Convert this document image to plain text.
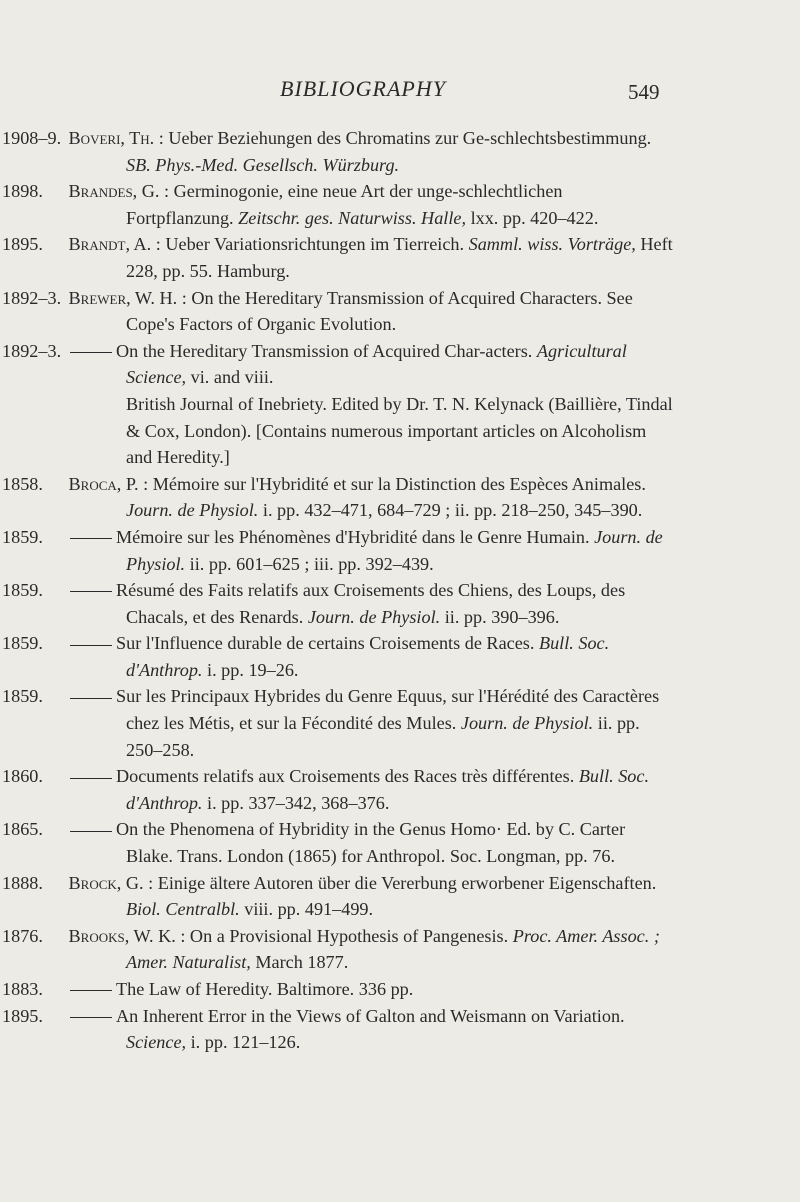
BIBLIOGRAPHY	549
1908–9. Boveri, Th. : Ueber Beziehungen des Chromatins zur Ge-schlechtsbestimmung. SB. Phys.-Med. Gesellsch. Würzburg.
1898. Brandes, G. : Germinogonie, eine neue Art der unge-schlechtlichen Fortpflanzung. Zeitschr. ges. Naturwiss. Halle, lxx. pp. 420–422.
1895. Brandt, A. : Ueber Variationsrichtungen im Tierreich. Samml. wiss. Vorträge, Heft 228, pp. 55. Hamburg.
1892–3. Brewer, W. H. : On the Hereditary Transmission of Acquired Characters. See Cope's Factors of Organic Evolution.
1892–3.	On the Hereditary Transmission of Acquired Char-acters. Agricultural Science, vi. and viii.
British Journal of Inebriety. Edited by Dr. T. N. Kelynack (Baillière, Tindal & Cox, London). [Contains numerous important articles on Alcoholism and Heredity.]
1858. Broca, P. : Mémoire sur l'Hybridité et sur la Distinction des Espèces Animales. Journ. de Physiol. i. pp. 432–471, 684–729 ; ii. pp. 218–250, 345–390.
1859.	Mémoire sur les Phénomènes d'Hybridité dans le Genre Humain. Journ. de Physiol. ii. pp. 601–625 ; iii. pp. 392–439.
1859.	Résumé des Faits relatifs aux Croisements des Chiens, des Loups, des Chacals, et des Renards. Journ. de Physiol. ii. pp. 390–396.
1859.	Sur l'Influence durable de certains Croisements de Races. Bull. Soc. d'Anthrop. i. pp. 19–26.
1859.	Sur les Principaux Hybrides du Genre Equus, sur l'Hérédité des Caractères chez les Métis, et sur la Fécondité des Mules. Journ. de Physiol. ii. pp. 250–258.
1860.	Documents relatifs aux Croisements des Races très différentes. Bull. Soc. d'Anthrop. i. pp. 337–342, 368–376.
1865.	On the Phenomena of Hybridity in the Genus Homo· Ed. by C. Carter Blake. Trans. London (1865) for Anthropol. Soc. Longman, pp. 76.
1888. Brock, G. : Einige ältere Autoren über die Vererbung erworbener Eigenschaften. Biol. Centralbl. viii. pp. 491–499.
1876. Brooks, W. K. : On a Provisional Hypothesis of Pangenesis. Proc. Amer. Assoc. ; Amer. Naturalist, March 1877.
1883.	The Law of Heredity. Baltimore. 336 pp.
1895.	An Inherent Error in the Views of Galton and Weismann on Variation. Science, i. pp. 121–126.
